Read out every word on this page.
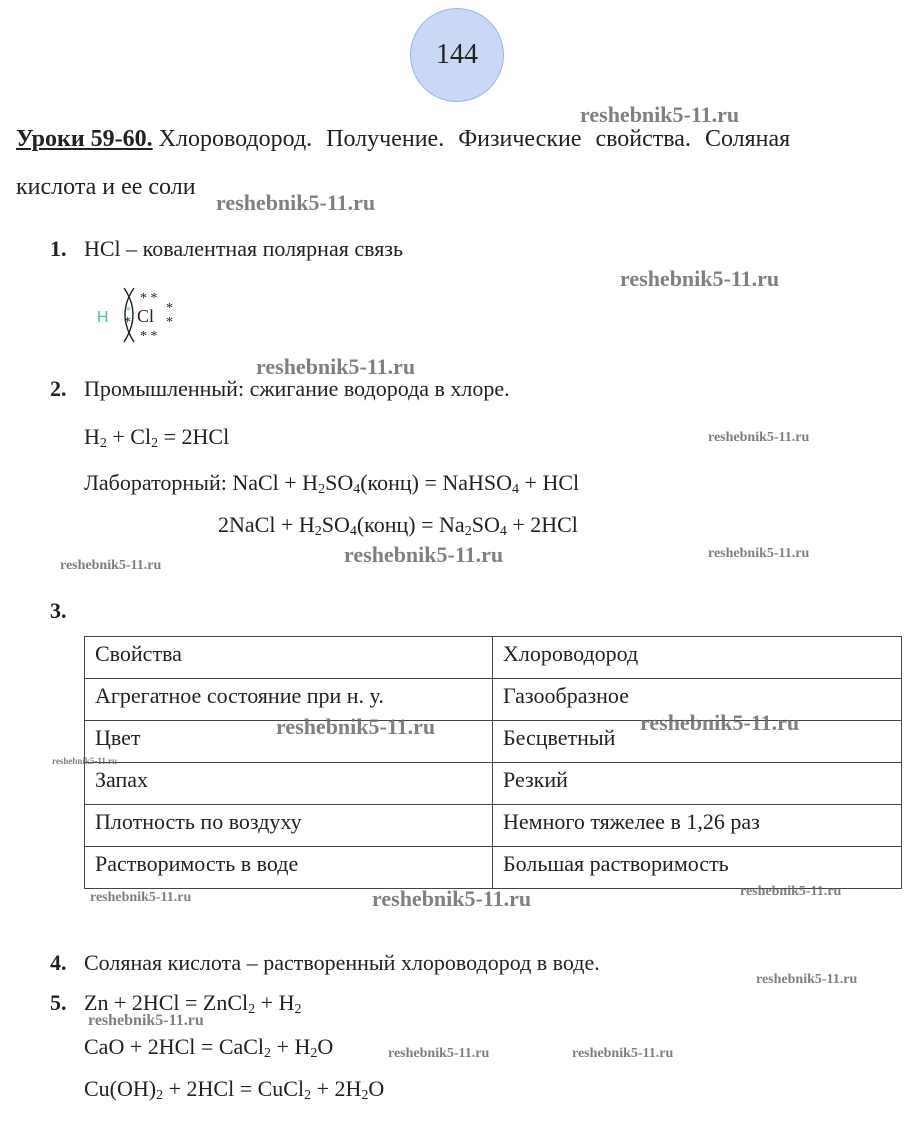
144
Уроки 59-60. Хлороводород. Получение. Физические свойства. Соляная
кислота и ее соли
1. HCl – ковалентная полярная связь
H Cl
* *
* *
*
*
*
*
2. Промышленный: сжигание водорода в хлоре.
$H_2 + Cl_2 = 2HCl$
Лабораторный: NaCl + $H_2SO_4(конц)$ = NaHSO$_4$ + HCl
2NaCl + $H_2SO_4(конц) = Na_2SO_4 + 2HCl$
3.
Свойства	Хлороводород
Агрегатное состояние при н. у.	Газообразное
Цвет	Бесцветный
Запах	Резкий
Плотность по воздуху	Немного тяжелее в 1,26 раз
Растворимость в воде	Большая растворимость
4. Соляная кислота – растворенный хлороводород в воде.
5. Zn + 2HCl = ZnCl$_2$ + $H_2$
CaO + 2HCl = CaCl$_2$ + $H_2O$
$Cu(OH)_2 + 2HCl$ = CuCl$_2$ + $2H_2O$
reshebnik5-11.ru
reshebnik5-11.ru
reshebnik5-11.ru
reshebnik5-11.ru
reshebnik5-11.ru
reshebnik5-11.ru	reshebnik5-11.ru
reshebnik5-11.ru
reshebnik5-11.ru	reshebnik5-11.ru
reshebnik5-11.ru
reshebnik5-11.ru	reshebnik5-11.ru	reshebnik5-11.ru
reshebnik5-11.ru
reshebnik5-11.ru
reshebnik5-11.ru	reshebnik5-11.ru
